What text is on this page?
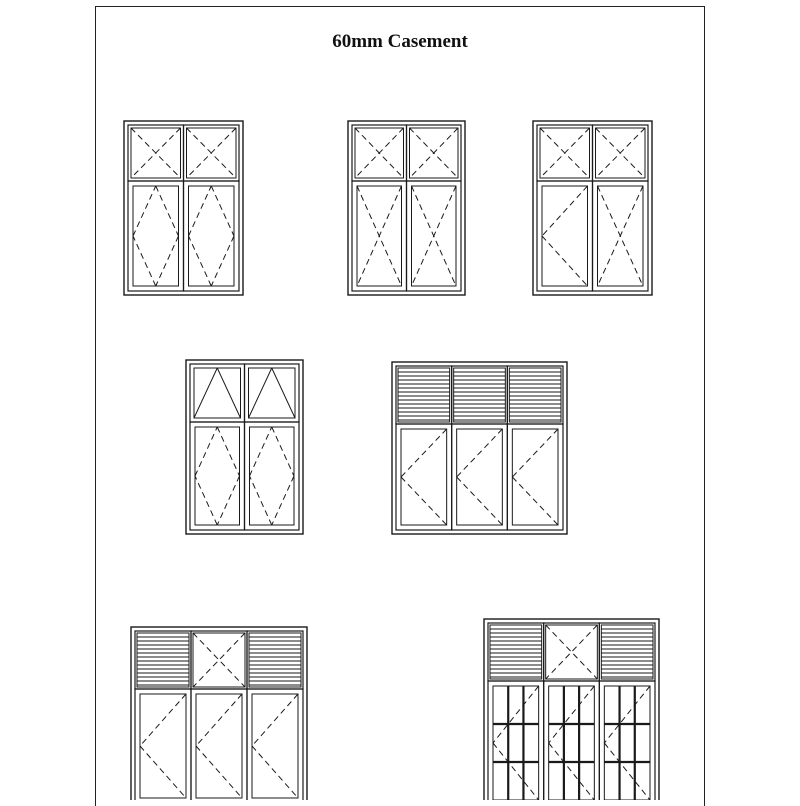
60mm Casement
